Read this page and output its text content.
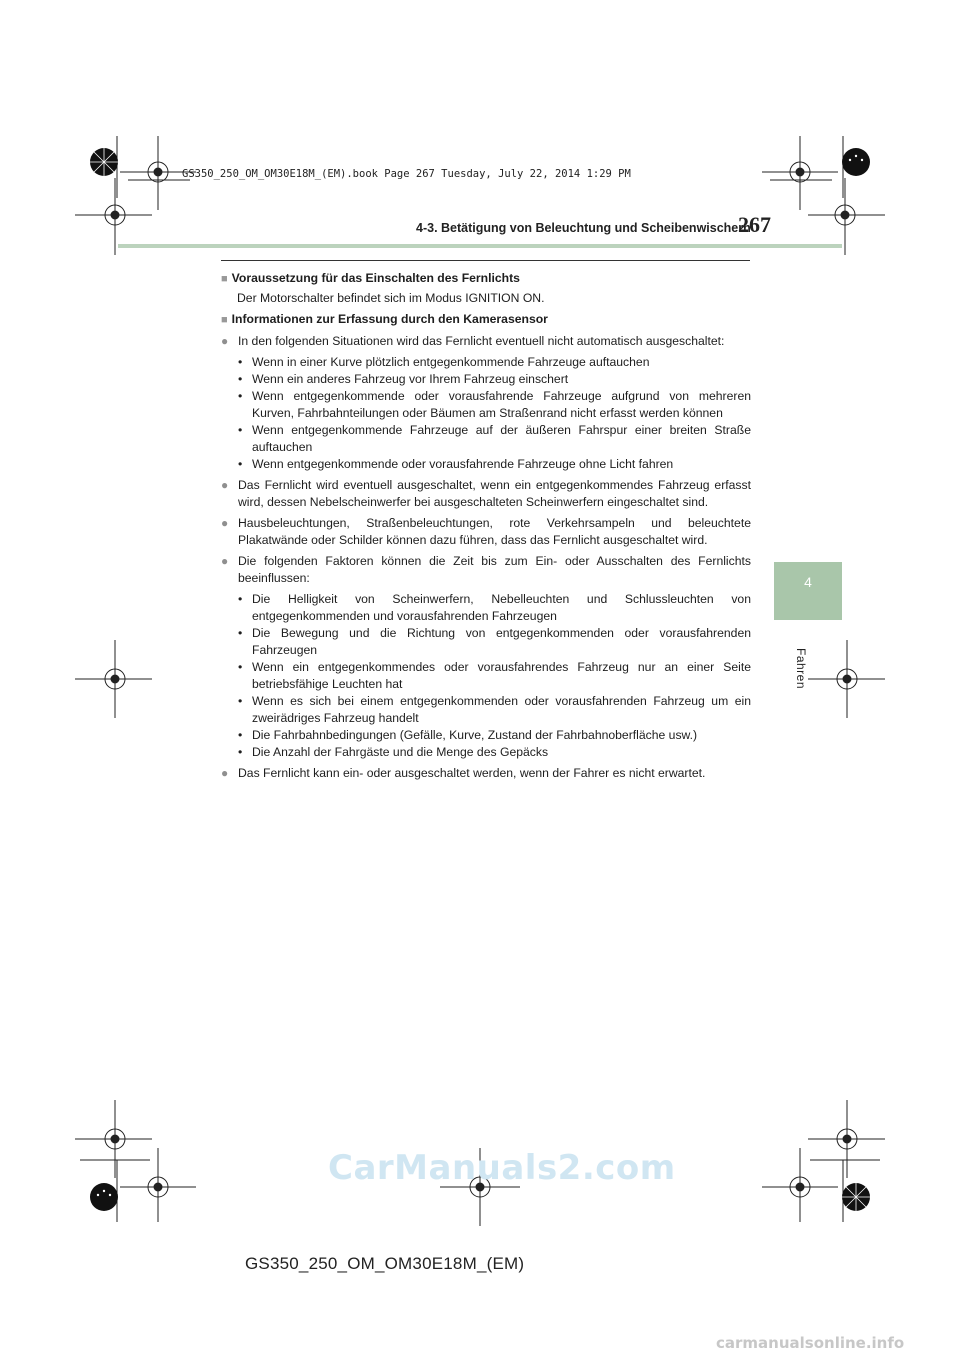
GS350_250_OM_OM30E18M_(EM).book Page 267 Tuesday, July 22, 2014 1:29 PM
4-3. Betätigung von Beleuchtung und Scheibenwischern
267
4
Fahren
■ Voraussetzung für das Einschalten des Fernlichts
Der Motorschalter befindet sich im Modus IGNITION ON.
■ Informationen zur Erfassung durch den Kamerasensor
● In den folgenden Situationen wird das Fernlicht eventuell nicht automatisch ausgeschaltet:
• Wenn in einer Kurve plötzlich entgegenkommende Fahrzeuge auftauchen
• Wenn ein anderes Fahrzeug vor Ihrem Fahrzeug einschert
• Wenn entgegenkommende oder vorausfahrende Fahrzeuge aufgrund von mehreren Kurven, Fahrbahnteilungen oder Bäumen am Straßenrand nicht erfasst werden können
• Wenn entgegenkommende Fahrzeuge auf der äußeren Fahrspur einer breiten Straße auftauchen
• Wenn entgegenkommende oder vorausfahrende Fahrzeuge ohne Licht fahren
● Das Fernlicht wird eventuell ausgeschaltet, wenn ein entgegenkommendes Fahrzeug erfasst wird, dessen Nebelscheinwerfer bei ausgeschalteten Scheinwerfern eingeschaltet sind.
● Hausbeleuchtungen, Straßenbeleuchtungen, rote Verkehrsampeln und beleuchtete Plakatwände oder Schilder können dazu führen, dass das Fernlicht ausgeschaltet wird.
● Die folgenden Faktoren können die Zeit bis zum Ein- oder Ausschalten des Fernlichts beeinflussen:
• Die Helligkeit von Scheinwerfern, Nebelleuchten und Schlussleuchten von entgegenkommenden und vorausfahrenden Fahrzeugen
• Die Bewegung und die Richtung von entgegenkommenden oder vorausfahrenden Fahrzeugen
• Wenn ein entgegenkommendes oder vorausfahrendes Fahrzeug nur an einer Seite betriebsfähige Leuchten hat
• Wenn es sich bei einem entgegenkommenden oder vorausfahrenden Fahrzeug um ein zweirädriges Fahrzeug handelt
• Die Fahrbahnbedingungen (Gefälle, Kurve, Zustand der Fahrbahnoberfläche usw.)
• Die Anzahl der Fahrgäste und die Menge des Gepäcks
● Das Fernlicht kann ein- oder ausgeschaltet werden, wenn der Fahrer es nicht erwartet.
CarManuals2.com
GS350_250_OM_OM30E18M_(EM)
carmanualsonline.info
